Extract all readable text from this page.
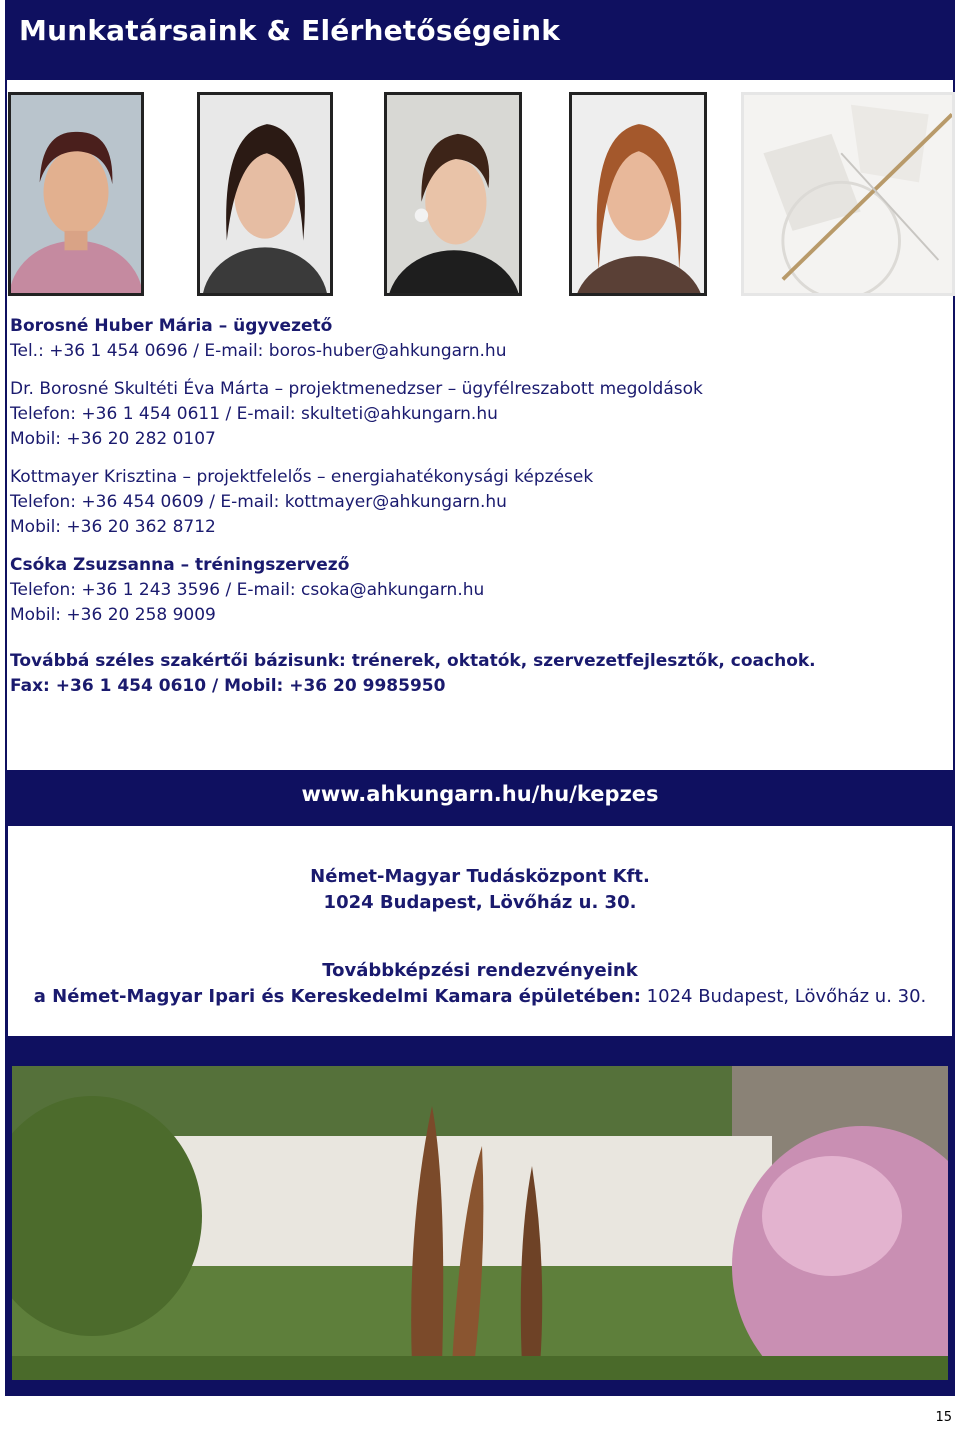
Munkatársaink & Elérhetőségeink
Borosné Huber Mária – ügyvezető
Tel.: +36 1 454 0696 / E-mail: boros-huber@ahkungarn.hu
Dr. Borosné Skultéti Éva Márta – projektmenedzser – ügyfélreszabott megoldások
Telefon: +36 1 454 0611 / E-mail: skulteti@ahkungarn.hu
Mobil: +36 20 282 0107
Kottmayer Krisztina – projektfelelős – energiahatékonysági képzések
Telefon: +36 454 0609 / E-mail: kottmayer@ahkungarn.hu
Mobil: +36 20 362 8712
Csóka Zsuzsanna – tréningszervező
Telefon: +36 1 243 3596 / E-mail: csoka@ahkungarn.hu
Mobil: +36 20 258 9009
Továbbá széles szakértői bázisunk: trénerek, oktatók, szervezetfejlesztők, coachok.
Fax: +36 1 454 0610 / Mobil: +36 20 9985950
www.ahkungarn.hu/hu/kepzes
Német-Magyar Tudásközpont Kft.
1024 Budapest, Lövőház u. 30.
Továbbképzési rendezvényeink
a Német-Magyar Ipari és Kereskedelmi Kamara épületében: 1024 Budapest, Lövőház u. 30.
15
